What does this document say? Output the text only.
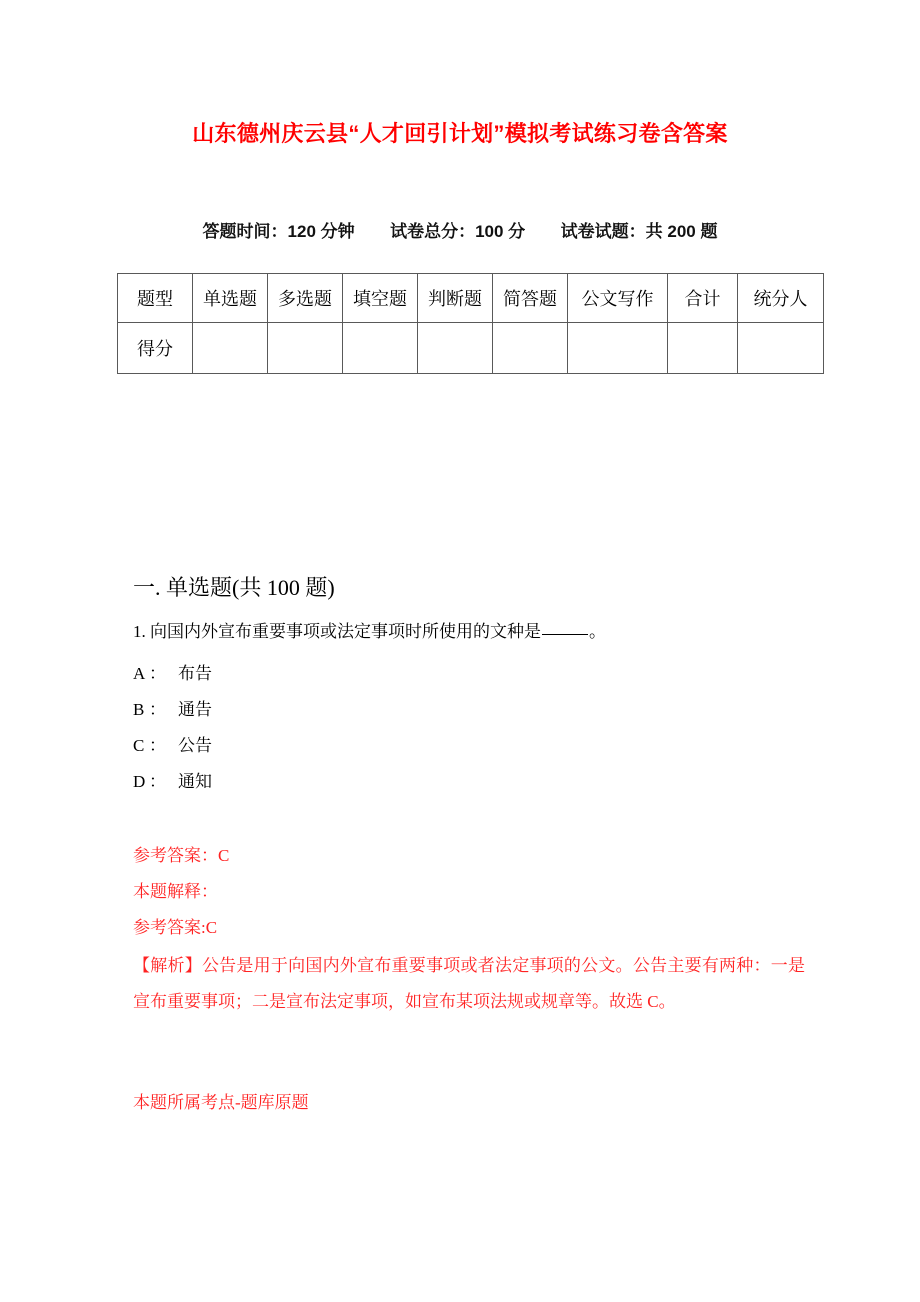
山东德州庆云县“人才回引计划”模拟考试练习卷含答案
答题时间：120 分钟 试卷总分：100 分 试卷试题：共 200 题
题型	单选题	多选题	填空题	判断题	简答题	公文写作	合计	统分人
得分								
一. 单选题(共 100 题)
1. 向国内外宣布重要事项或法定事项时所使用的文种是	。
A ： 布告
B ： 通告
C ： 公告
D ： 通知
参考答案：C
本题解释：
参考答案:C
【解析】公告是用于向国内外宣布重要事项或者法定事项的公文。公告主要有两种：一是宣布重要事项；二是宣布法定事项，如宣布某项法规或规章等。故选 C。
本题所属考点-题库原题
